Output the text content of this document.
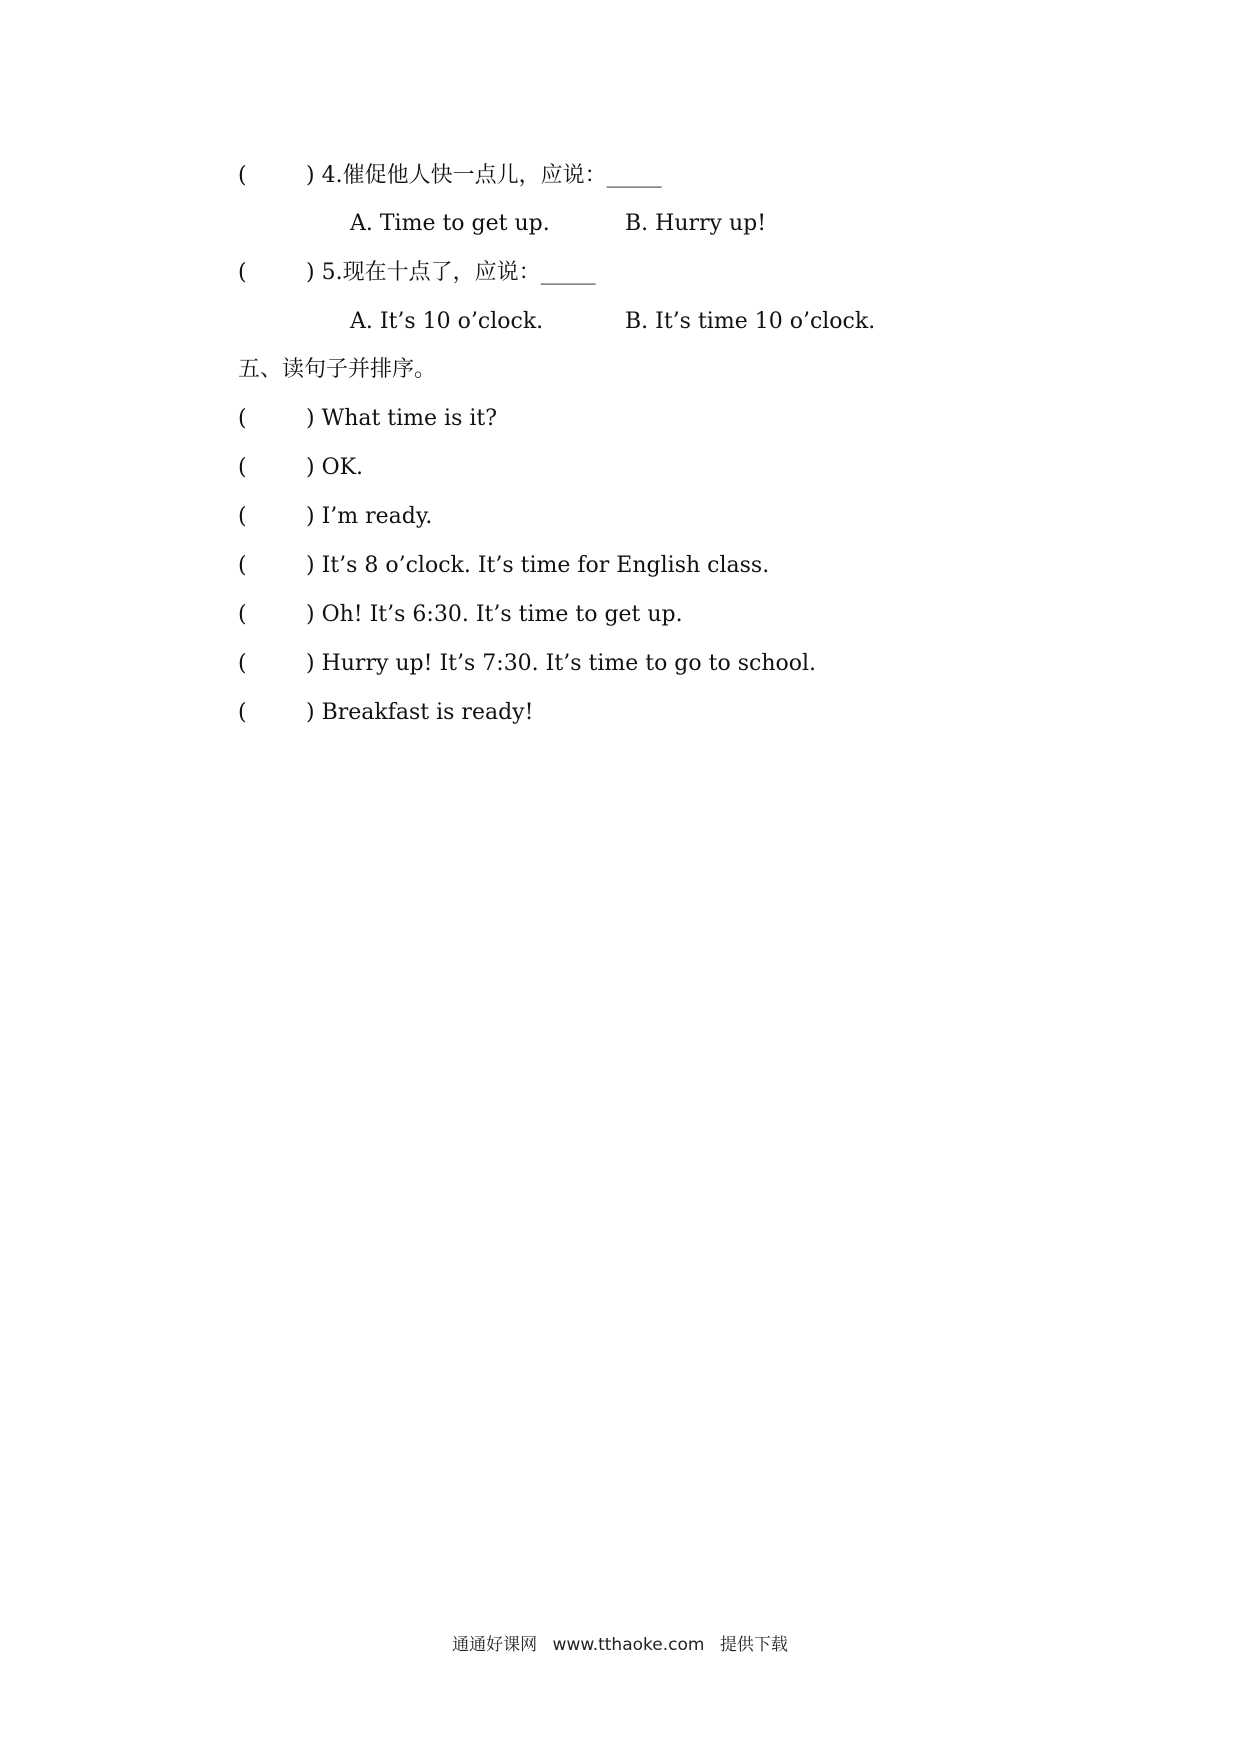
(	) 4.催促他人快一点儿，应说：_____
A. Time to get up.	B. Hurry up!
(	) 5.现在十点了，应说：_____
A. It’s 10 o’clock.	B. It’s time 10 o’clock.
五、读句子并排序。
(	) What time is it?
(	) OK.
(	) I’m ready.
(	) It’s 8 o’clock. It’s time for English class.
(	) Oh! It’s 6:30. It’s time to get up.
(	) Hurry up! It’s 7:30. It’s time to go to school.
(	) Breakfast is ready!
通通好课网 www.tthaoke.com 提供下载
